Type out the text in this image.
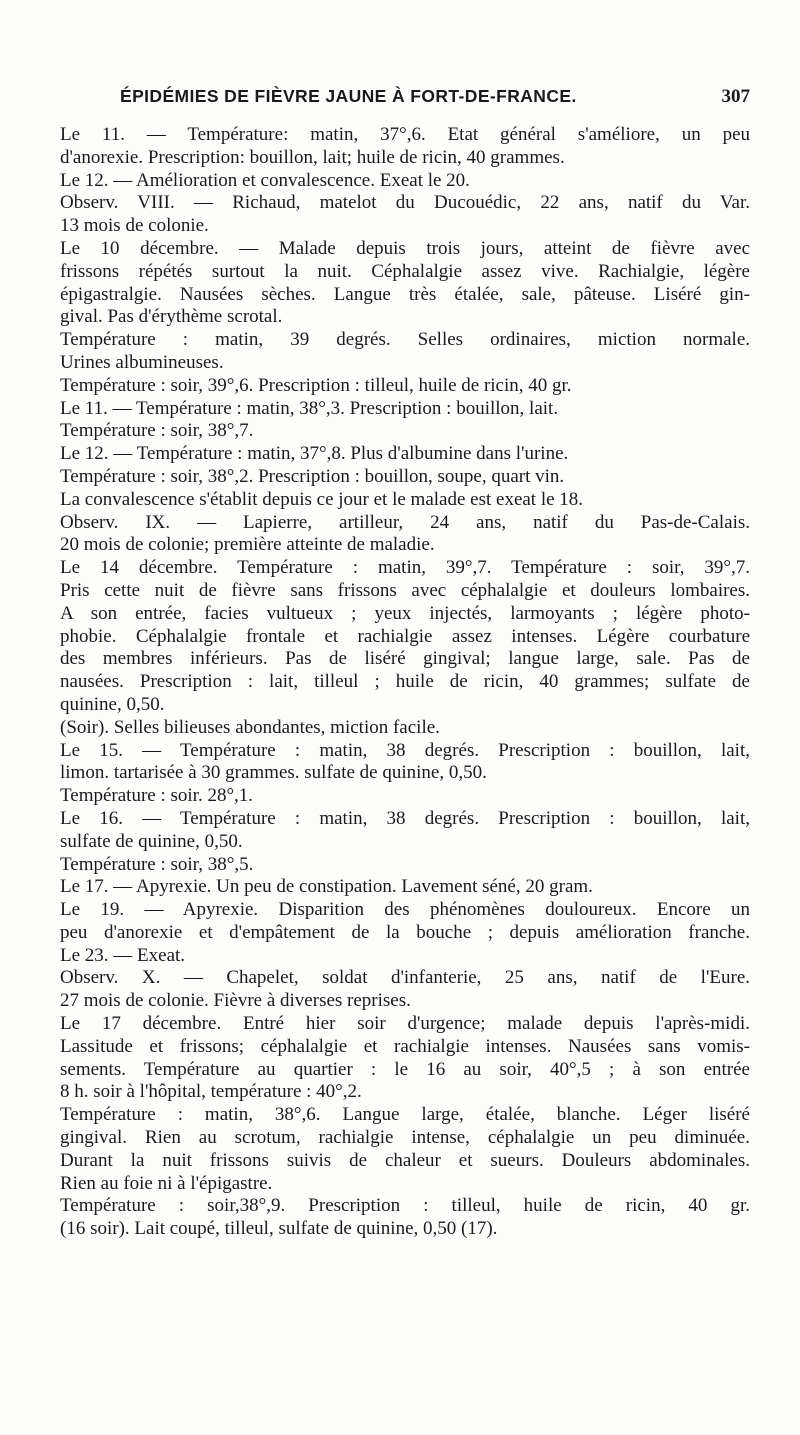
ÉPIDÉMIES DE FIÈVRE JAUNE À FORT-DE-FRANCE.	307
Le 11. — Température: matin, 37°,6. Etat général s'améliore, un peu
d'anorexie. Prescription: bouillon, lait; huile de ricin, 40 grammes.
Le 12. — Amélioration et convalescence. Exeat le 20.
Observ. VIII. — Richaud, matelot du Ducouédic, 22 ans, natif du Var.
13 mois de colonie.
Le 10 décembre. — Malade depuis trois jours, atteint de fièvre avec
frissons répétés surtout la nuit. Céphalalgie assez vive. Rachialgie, légère
épigastralgie. Nausées sèches. Langue très étalée, sale, pâteuse. Liséré gin-
gival. Pas d'érythème scrotal.
Température : matin, 39 degrés. Selles ordinaires, miction normale.
Urines albumineuses.
Température : soir, 39°,6. Prescription : tilleul, huile de ricin, 40 gr.
Le 11. — Température : matin, 38°,3. Prescription : bouillon, lait.
Température : soir, 38°,7.
Le 12. — Température : matin, 37°,8. Plus d'albumine dans l'urine.
Température : soir, 38°,2. Prescription : bouillon, soupe, quart vin.
La convalescence s'établit depuis ce jour et le malade est exeat le 18.
Observ. IX. — Lapierre, artilleur, 24 ans, natif du Pas-de-Calais.
20 mois de colonie; première atteinte de maladie.
Le 14 décembre. Température : matin, 39°,7. Température : soir, 39°,7.
Pris cette nuit de fièvre sans frissons avec céphalalgie et douleurs lombaires.
A son entrée, facies vultueux ; yeux injectés, larmoyants ; légère photo-
phobie. Céphalalgie frontale et rachialgie assez intenses. Légère courbature
des membres inférieurs. Pas de liséré gingival; langue large, sale. Pas de
nausées. Prescription : lait, tilleul ; huile de ricin, 40 grammes; sulfate de
quinine, 0,50.
(Soir). Selles bilieuses abondantes, miction facile.
Le 15. — Température : matin, 38 degrés. Prescription : bouillon, lait,
limon. tartarisée à 30 grammes. sulfate de quinine, 0,50.
Température : soir. 28°,1.
Le 16. — Température : matin, 38 degrés. Prescription : bouillon, lait,
sulfate de quinine, 0,50.
Température : soir, 38°,5.
Le 17. — Apyrexie. Un peu de constipation. Lavement séné, 20 gram.
Le 19. — Apyrexie. Disparition des phénomènes douloureux. Encore un
peu d'anorexie et d'empâtement de la bouche ; depuis amélioration franche.
Le 23. — Exeat.
Observ. X. — Chapelet, soldat d'infanterie, 25 ans, natif de l'Eure.
27 mois de colonie. Fièvre à diverses reprises.
Le 17 décembre. Entré hier soir d'urgence; malade depuis l'après-midi.
Lassitude et frissons; céphalalgie et rachialgie intenses. Nausées sans vomis-
sements. Température au quartier : le 16 au soir, 40°,5 ; à son entrée
8 h. soir à l'hôpital, température : 40°,2.
Température : matin, 38°,6. Langue large, étalée, blanche. Léger liséré
gingival. Rien au scrotum, rachialgie intense, céphalalgie un peu diminuée.
Durant la nuit frissons suivis de chaleur et sueurs. Douleurs abdominales.
Rien au foie ni à l'épigastre.
Température : soir,38°,9. Prescription : tilleul, huile de ricin, 40 gr.
(16 soir). Lait coupé, tilleul, sulfate de quinine, 0,50 (17).
